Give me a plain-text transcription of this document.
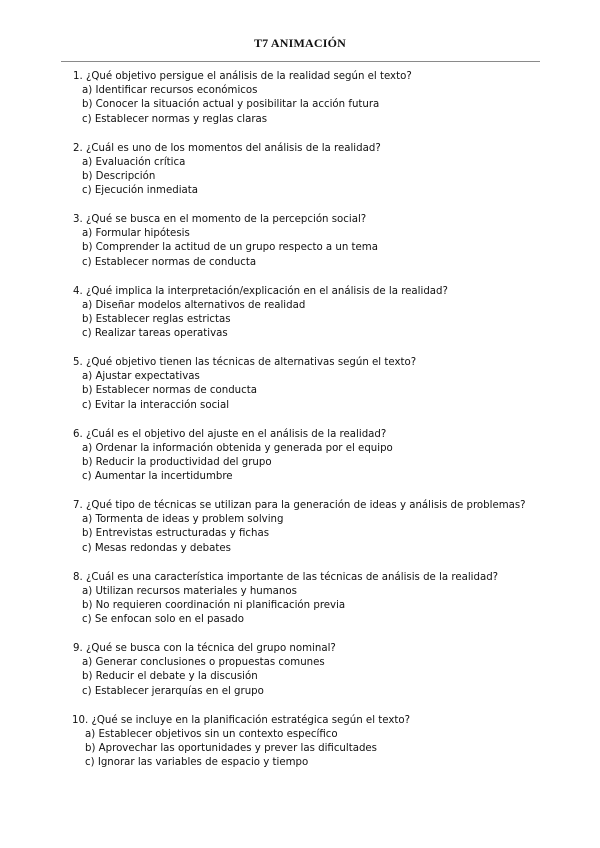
T7 ANIMACIÓN
1. ¿Qué objetivo persigue el análisis de la realidad según el texto?
a) Identificar recursos económicos
b) Conocer la situación actual y posibilitar la acción futura
c) Establecer normas y reglas claras
2. ¿Cuál es uno de los momentos del análisis de la realidad?
a) Evaluación crítica
b) Descripción
c) Ejecución inmediata
3. ¿Qué se busca en el momento de la percepción social?
a) Formular hipótesis
b) Comprender la actitud de un grupo respecto a un tema
c) Establecer normas de conducta
4. ¿Qué implica la interpretación/explicación en el análisis de la realidad?
a) Diseñar modelos alternativos de realidad
b) Establecer reglas estrictas
c) Realizar tareas operativas
5. ¿Qué objetivo tienen las técnicas de alternativas según el texto?
a) Ajustar expectativas
b) Establecer normas de conducta
c) Evitar la interacción social
6. ¿Cuál es el objetivo del ajuste en el análisis de la realidad?
a) Ordenar la información obtenida y generada por el equipo
b) Reducir la productividad del grupo
c) Aumentar la incertidumbre
7. ¿Qué tipo de técnicas se utilizan para la generación de ideas y análisis de problemas?
a) Tormenta de ideas y problem solving
b) Entrevistas estructuradas y fichas
c) Mesas redondas y debates
8. ¿Cuál es una característica importante de las técnicas de análisis de la realidad?
a) Utilizan recursos materiales y humanos
b) No requieren coordinación ni planificación previa
c) Se enfocan solo en el pasado
9. ¿Qué se busca con la técnica del grupo nominal?
a) Generar conclusiones o propuestas comunes
b) Reducir el debate y la discusión
c) Establecer jerarquías en el grupo
10. ¿Qué se incluye en la planificación estratégica según el texto?
a) Establecer objetivos sin un contexto específico
b) Aprovechar las oportunidades y prever las dificultades
c) Ignorar las variables de espacio y tiempo
